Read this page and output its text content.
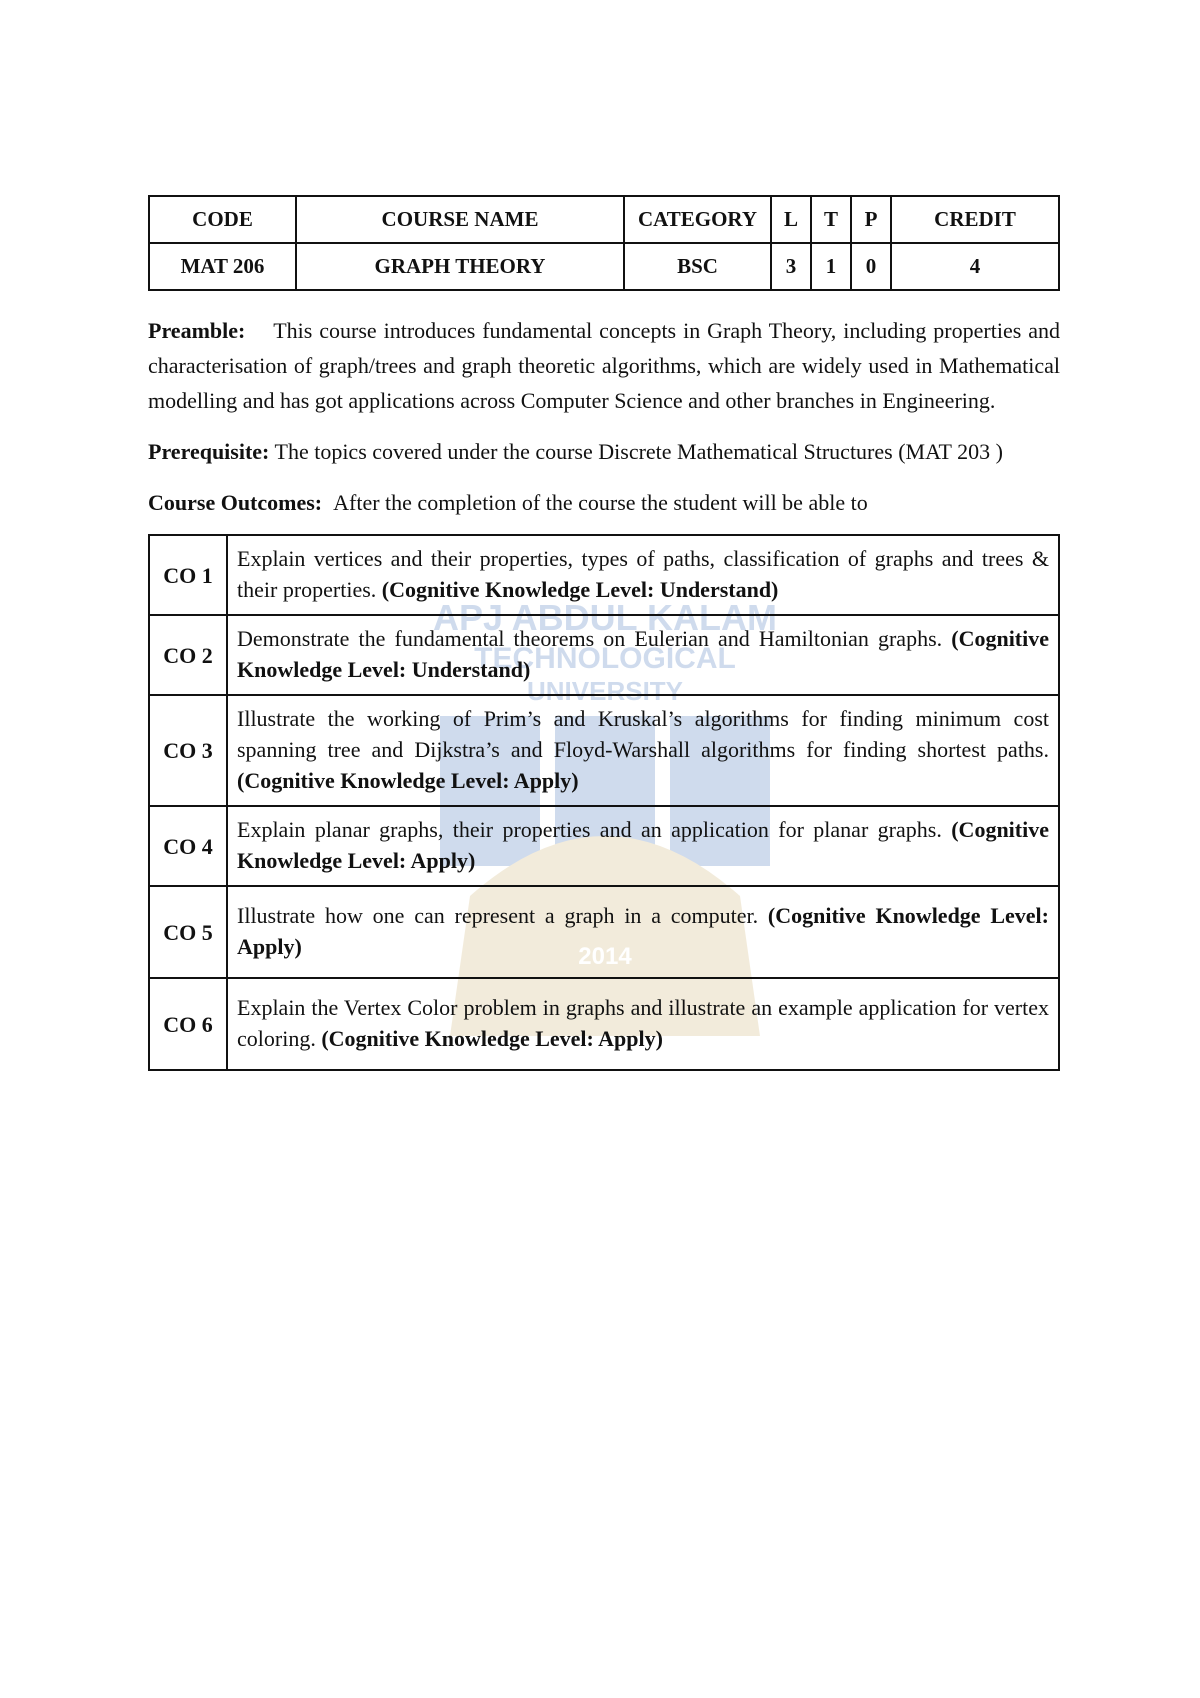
APJ ABDUL KALAM
TECHNOLOGICAL
UNIVERSITY
2014
CODE	COURSE NAME	CATEGORY	L	T	P	CREDIT
MAT 206	GRAPH THEORY	BSC	3	1	0	4

Preamble: This course introduces fundamental concepts in Graph Theory, including properties and characterisation of graph/trees and graph theoretic algorithms, which are widely used in Mathematical modelling and has got applications across Computer Science and other branches in Engineering.

Prerequisite: The topics covered under the course Discrete Mathematical Structures (MAT 203 )

Course Outcomes: After the completion of the course the student will be able to

CO 1	Explain vertices and their properties, types of paths, classification of graphs and trees & their properties. (Cognitive Knowledge Level: Understand)
CO 2	Demonstrate the fundamental theorems on Eulerian and Hamiltonian graphs. (Cognitive Knowledge Level: Understand)
CO 3	Illustrate the working of Prim’s and Kruskal’s algorithms for finding minimum cost spanning tree and Dijkstra’s and Floyd-Warshall algorithms for finding shortest paths. (Cognitive Knowledge Level: Apply)
CO 4	Explain planar graphs, their properties and an application for planar graphs. (Cognitive Knowledge Level: Apply)
CO 5	Illustrate how one can represent a graph in a computer. (Cognitive Knowledge Level: Apply)
CO 6	Explain the Vertex Color problem in graphs and illustrate an example application for vertex coloring. (Cognitive Knowledge Level: Apply)
